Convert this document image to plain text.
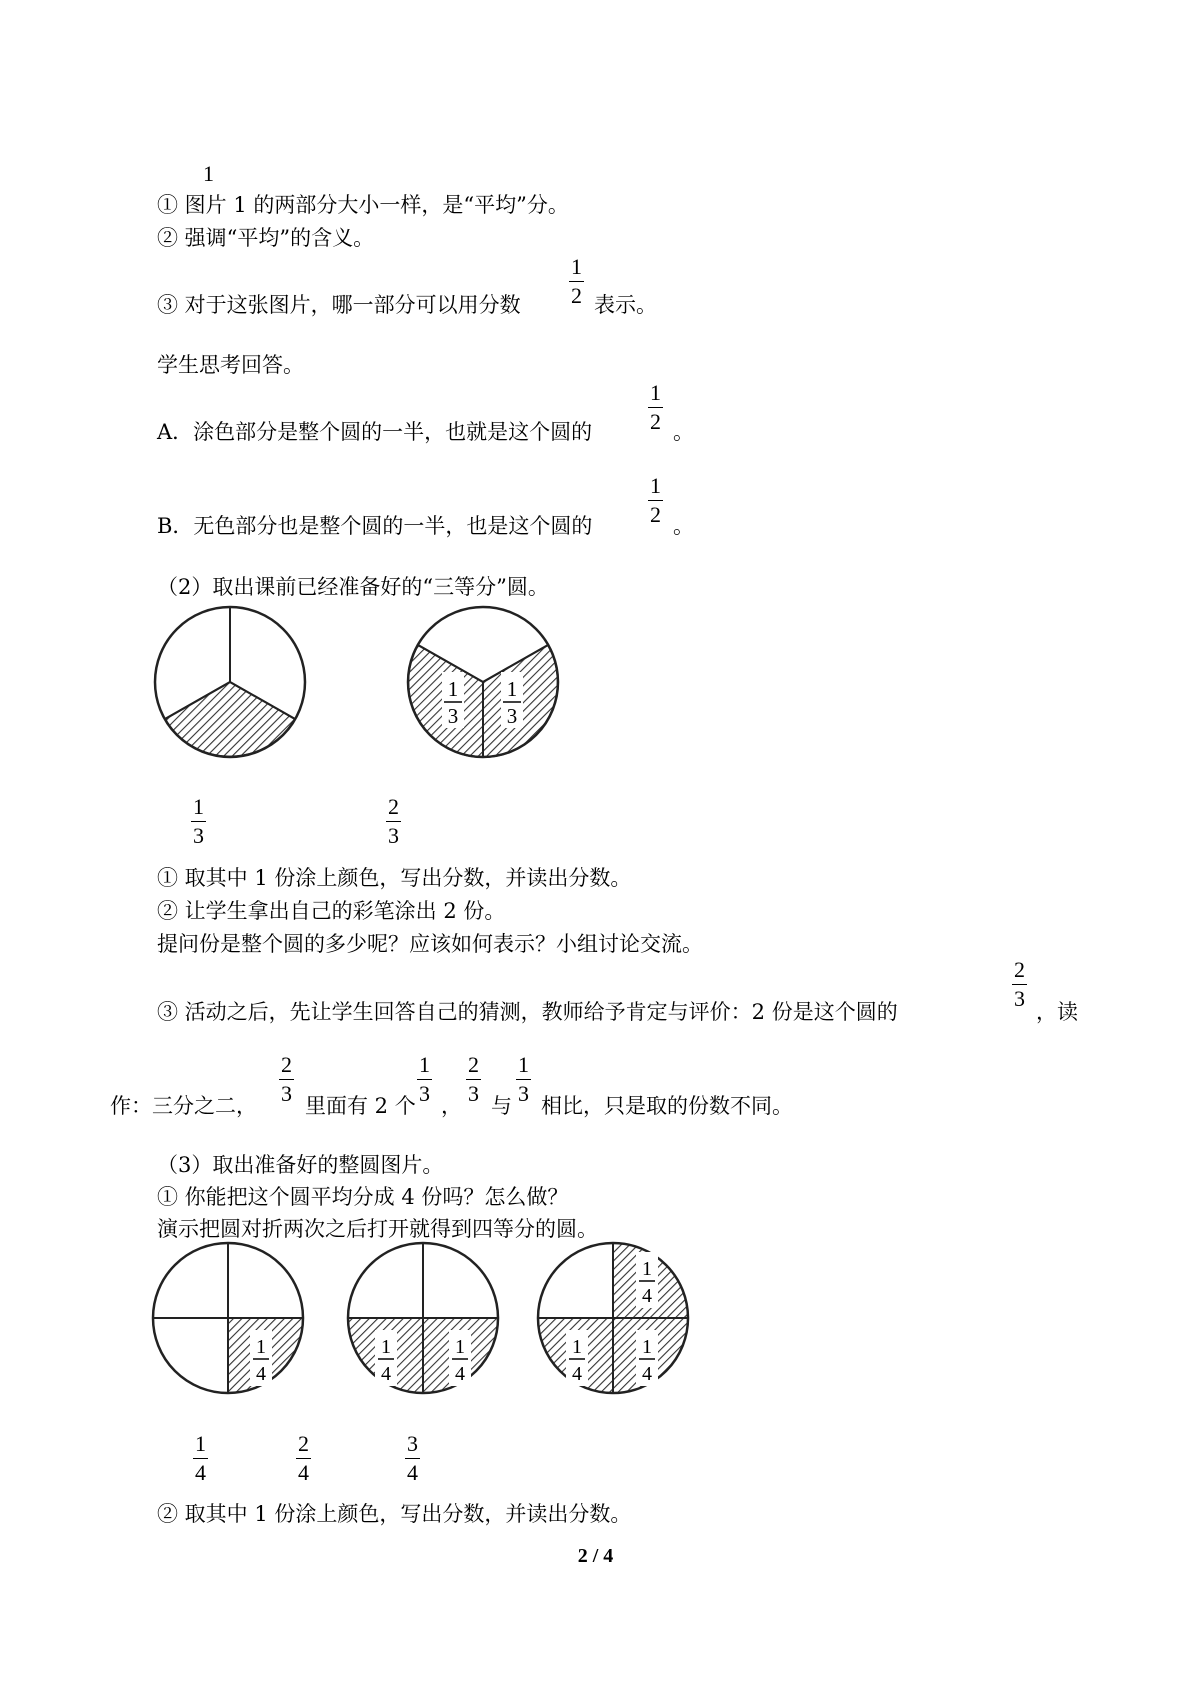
1
① 图片 1 的两部分大小一样，是“平均”分。
② 强调“平均”的含义。
③ 对于这张图片，哪一部分可以用分数
1
2 表示。
学生思考回答。
A．涂色部分是整个圆的一半，也就是这个圆的
1
2 。
B．无色部分也是整个圆的一半，也是这个圆的
1
2 。
（2）取出课前已经准备好的“三等分”圆。
1
3
1
3
1
3
2
3
① 取其中 1 份涂上颜色，写出分数，并读出分数。
② 让学生拿出自己的彩笔涂出 2 份。
提问份是整个圆的多少呢？应该如何表示？小组讨论交流。
③ 活动之后，先让学生回答自己的猜测，教师给予肯定与评价：2 份是这个圆的
2
3
，读
作：三分之二，
2
3 里面有 2 个
1
3 ，
2
3 与
1
3 相比，只是取的份数不同。
（3）取出准备好的整圆图片。
① 你能把这个圆平均分成 4 份吗？怎么做？
演示把圆对折两次之后打开就得到四等分的圆。
1
4
1
4
1
4
1
4
1
4
1
4
1
4
2
4
3
4
② 取其中 1 份涂上颜色，写出分数，并读出分数。
2 / 4
